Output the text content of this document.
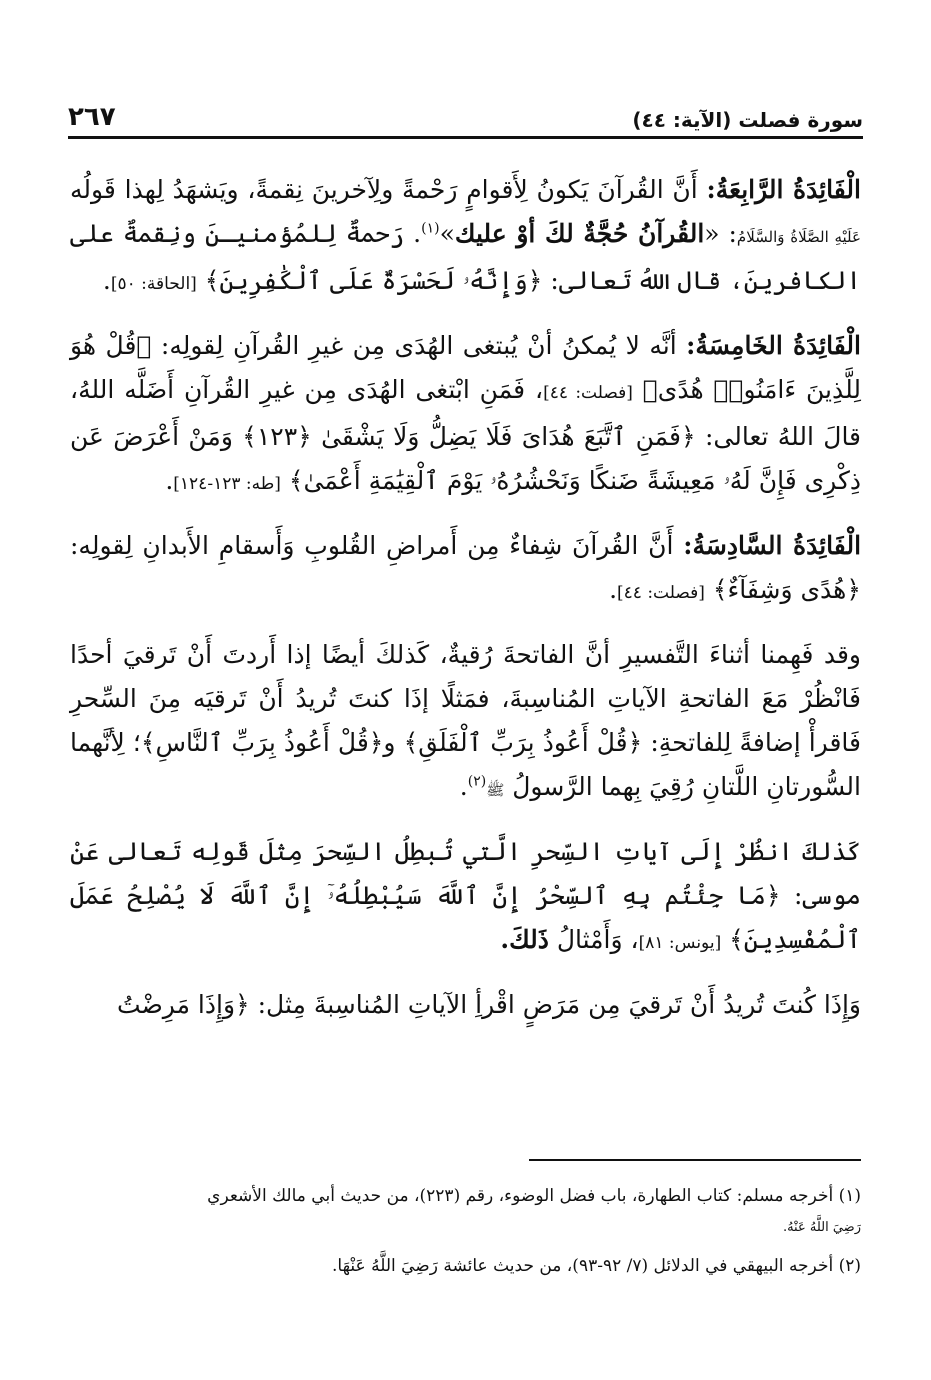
سورة فصلت (الآية: ٤٤)
٢٦٧

الْفَائِدَةُ الرَّابِعَةُ: أَنَّ القُرآنَ يَكونُ لِأَقوامٍ رَحْمةً ولِآخرينَ نِقمةً، ويَشهَدُ لِهذا قَولُه عَلَيْهِ الصَّلَاةُ وَالسَّلَامُ: «القُرآنُ حُجَّةٌ لكَ أوْ عليك»$^{(١)}$. رَحمةٌ لِلمُؤمنيـنَ ونِقمةٌ على الكافرينَ، قال اللهُ تَعالى: ﴿وَإِنَّهُۥ لَحَسْرَةٌ عَلَى ٱلْكَٰفِرِينَ﴾ [الحاقة: ٥٠].

الْفَائِدَةُ الخَامِسَةُ: أنَّه لا يُمكنُ أنْ يُبتغى الهُدَى مِن غيرِ القُرآنِ لِقولِه: ﴿قُلْ هُوَ لِلَّذِينَ ءَامَنُوا۟ هُدًى﴾ [فصلت: ٤٤]، فَمَنِ ابْتغى الهُدَى مِن غيرِ القُرآنِ أَضَلَّه اللهُ، قالَ اللهُ تعالى: ﴿فَمَنِ ٱتَّبَعَ هُدَاىَ فَلَا يَضِلُّ وَلَا يَشْقَىٰ ﴿١٢٣﴾ وَمَنْ أَعْرَضَ عَن ذِكْرِى فَإِنَّ لَهُۥ مَعِيشَةً ضَنكًا وَنَحْشُرُهُۥ يَوْمَ ٱلْقِيَٰمَةِ أَعْمَىٰ﴾ [طه: ١٢٣-١٢٤].

الْفَائِدَةُ السَّادِسَةُ: أَنَّ القُرآنَ شِفاءٌ مِن أَمراضِ القُلوبِ وَأَسقامِ الأَبدانِ لِقولِه: ﴿هُدًى وَشِفَآءٌ﴾ [فصلت: ٤٤].

وقد فَهِمنا أثناءَ التَّفسيرِ أنَّ الفاتحةَ رُقيةٌ، كَذلكَ أيضًا إذا أَردتَ أَنْ تَرقيَ أحدًا فَانْظُرْ مَعَ الفاتحةِ الآياتِ المُناسِبةَ، فمَثلًا إذَا كنتَ تُريدُ أَنْ تَرقيَه مِنَ السِّحرِ فَاقرأْ إضافةً لِلفاتحةِ: ﴿قُلْ أَعُوذُ بِرَبِّ ٱلْفَلَقِ﴾ و﴿قُلْ أَعُوذُ بِرَبِّ ٱلنَّاسِ﴾؛ لِأنَّهما السُّورتانِ اللَّتانِ رُقِيَ بِهما الرَّسولُ ﷺ$^{(٢)}$.

كَذلكَ انظُرْ إِلَى آياتِ السِّحرِ الَّتي تُبطِلُ السِّحرَ مِثلَ قَولِه تَعالى عَنْ موسى: ﴿مَا جِئْتُم بِهِ ٱلسِّحْرُ إِنَّ ٱللَّهَ سَيُبْطِلُهُۥٓ إِنَّ ٱللَّهَ لَا يُصْلِحُ عَمَلَ ٱلْمُفْسِدِينَ﴾ [يونس: ٨١]، وَأَمْثالُ ذَلكَ.

وَإِذَا كُنتَ تُريدُ أَنْ تَرقيَ مِن مَرَضٍ اقْرأِ الآياتِ المُناسِبةَ مِثل: ﴿وَإِذَا مَرِضْتُ

(١) أخرجه مسلم: كتاب الطهارة، باب فضل الوضوء، رقم (٢٢٣)، من حديث أبي مالك الأشعري
رَضِيَ اللَّهُ عَنْهُ.

(٢) أخرجه البيهقي في الدلائل (٧/ ٩٢-٩٣)، من حديث عائشة رَضِيَ اللَّهُ عَنْهَا.
